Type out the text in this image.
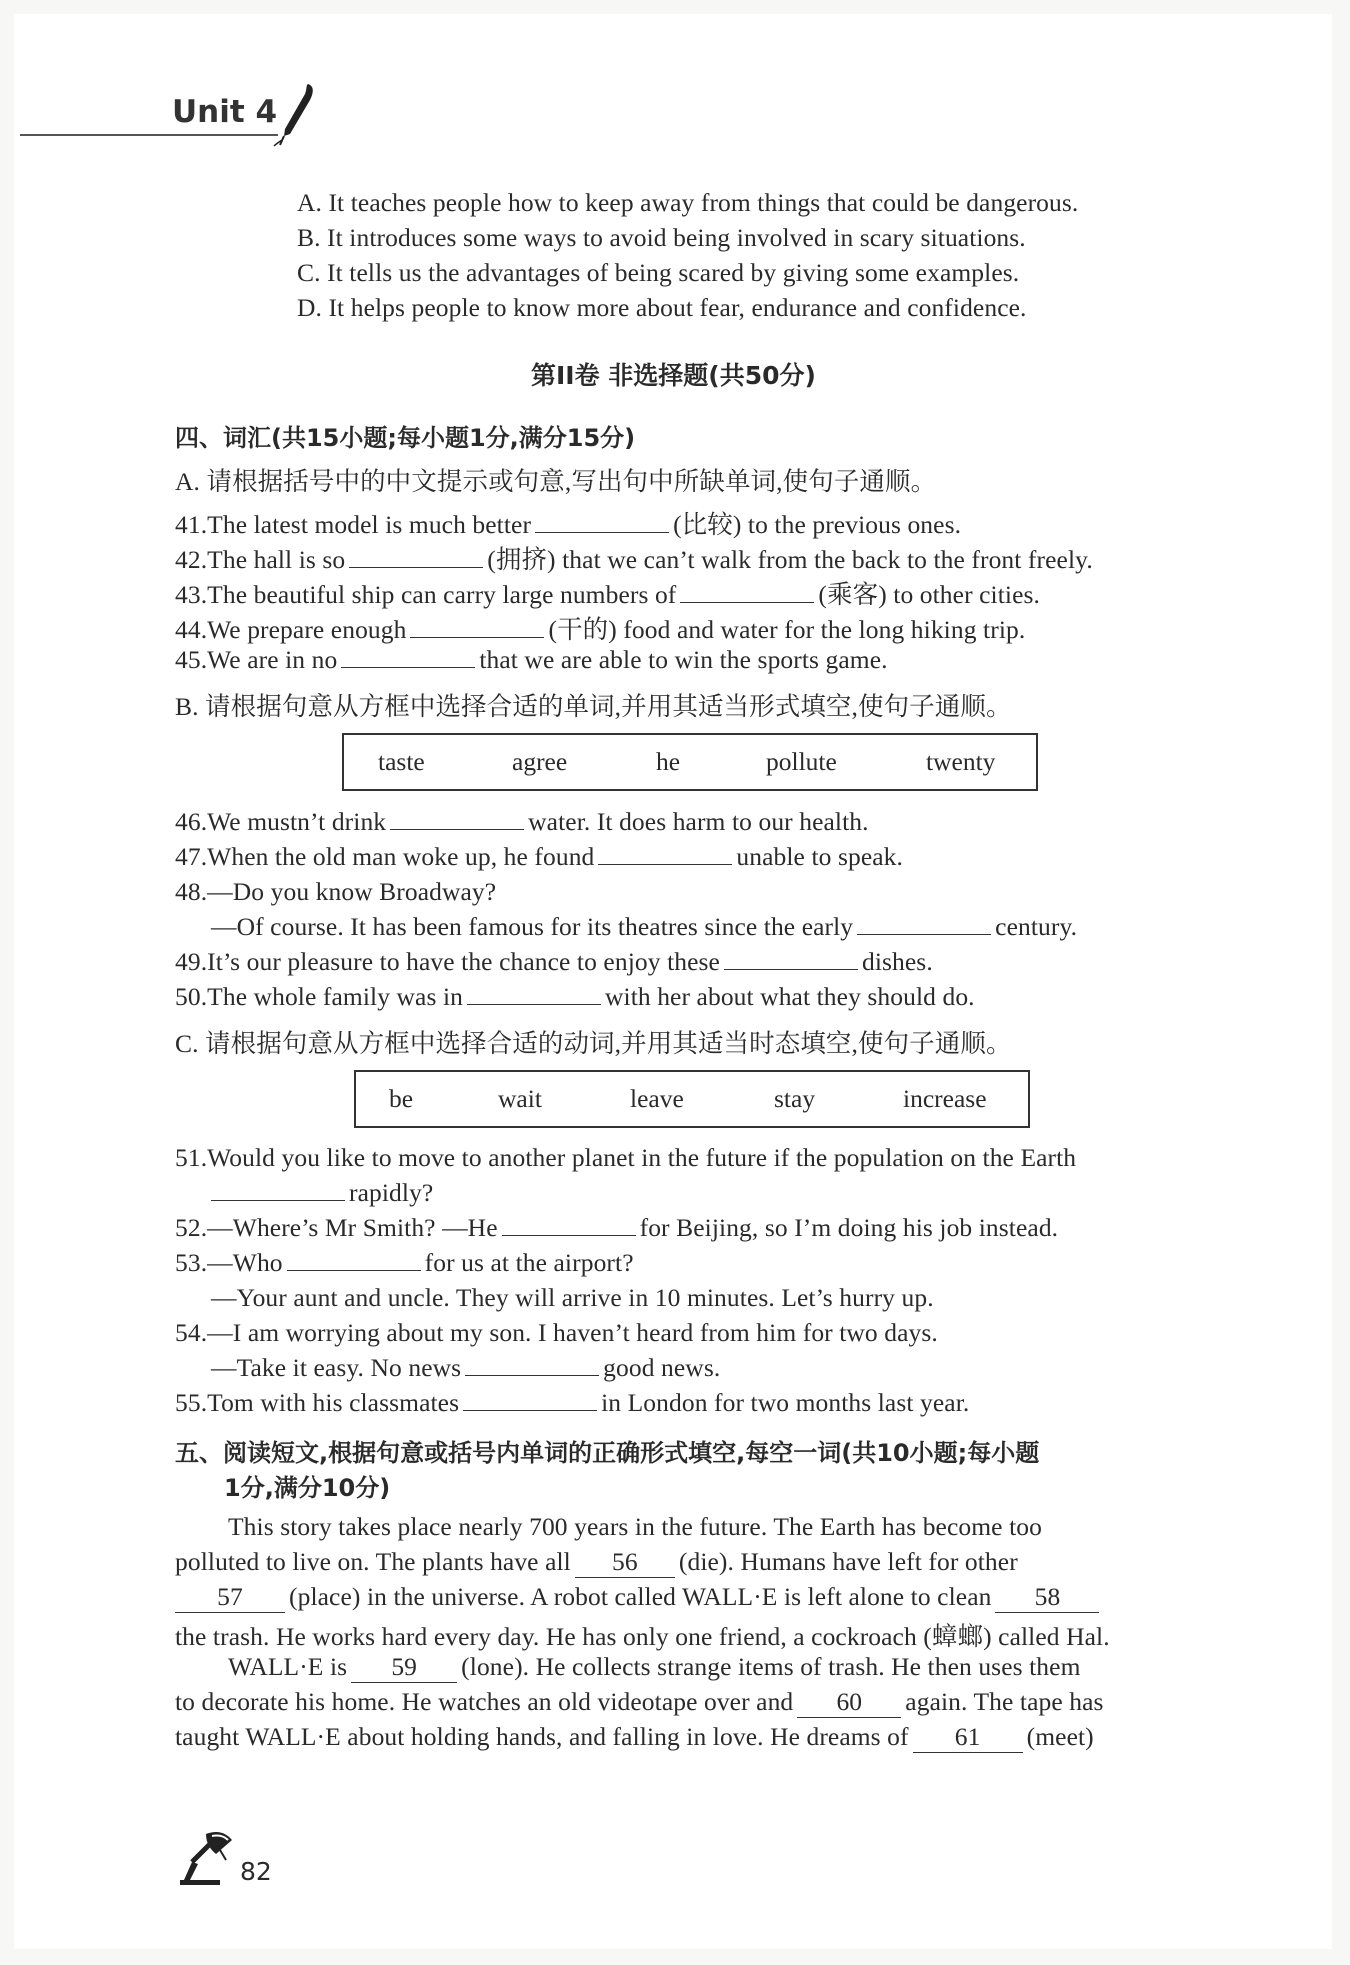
Unit 4
A. It teaches people how to keep away from things that could be dangerous.
B. It introduces some ways to avoid being involved in scary situations.
C. It tells us the advantages of being scared by giving some examples.
D. It helps people to know more about fear, endurance and confidence.
第II卷 非选择题(共50分)
四、词汇(共15小题;每小题1分,满分15分)
A. 请根据括号中的中文提示或句意,写出句中所缺单词,使句子通顺。
41.The latest model is much better	(比较) to the previous ones.
42.The hall is so	(拥挤) that we can’t walk from the back to the front freely.
43.The beautiful ship can carry large numbers of	(乘客) to other cities.
44.We prepare enough	(干的) food and water for the long hiking trip.
45.We are in no	that we are able to win the sports game.
B. 请根据句意从方框中选择合适的单词,并用其适当形式填空,使句子通顺。
taste	agree	he	pollute	twenty
46.We mustn’t drink	water. It does harm to our health.
47.When the old man woke up, he found	unable to speak.
48.—Do you know Broadway?
—Of course. It has been famous for its theatres since the early	century.
49.It’s our pleasure to have the chance to enjoy these	dishes.
50.The whole family was in	with her about what they should do.
C. 请根据句意从方框中选择合适的动词,并用其适当时态填空,使句子通顺。
be	wait	leave	stay	increase
51.Would you like to move to another planet in the future if the population on the Earth
rapidly?
52.—Where’s Mr Smith? —He	for Beijing, so I’m doing his job instead.
53.—Who	for us at the airport?
—Your aunt and uncle. They will arrive in 10 minutes. Let’s hurry up.
54.—I am worrying about my son. I haven’t heard from him for two days.
—Take it easy. No news	good news.
55.Tom with his classmates	in London for two months last year.
五、阅读短文,根据句意或括号内单词的正确形式填空,每空一词(共10小题;每小题
1分,满分10分)
This story takes place nearly 700 years in the future. The Earth has become too
polluted to live on. The plants have all 56 (die). Humans have left for other
57 (place) in the universe. A robot called WALL·E is left alone to clean 58
the trash. He works hard every day. He has only one friend, a cockroach (蟑螂) called Hal.
WALL·E is 59 (lone). He collects strange items of trash. He then uses them
to decorate his home. He watches an old videotape over and 60 again. The tape has
taught WALL·E about holding hands, and falling in love. He dreams of 61 (meet)
82
